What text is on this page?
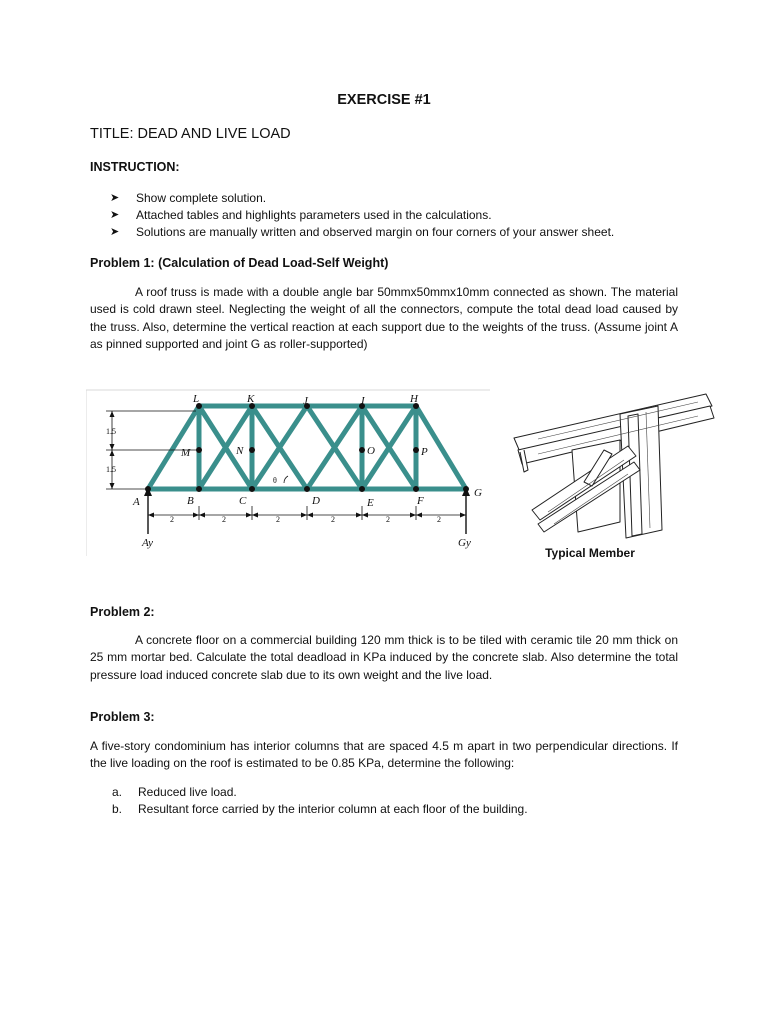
EXERCISE #1
TITLE: DEAD AND LIVE LOAD
INSTRUCTION:
➤ Show complete solution.
➤ Attached tables and highlights parameters used in the calculations.
➤ Solutions are manually written and observed margin on four corners of your answer sheet.
Problem 1: (Calculation of Dead Load-Self Weight)

A roof truss is made with a double angle bar 50mmx50mmx10mm connected as shown. The material used is cold drawn steel. Neglecting the weight of all the connectors, compute the total dead load caused by the truss. Also, determine the vertical reaction at each support due to the weights of the truss. (Assume joint A as pinned supported and joint G as roller-supported)

A	B	C	D	E	F
G
H
I
J
K
L
M	N	O	P
θ
1.5
1.5
2	2	2	2	2	2
Ay	Gy
Typical Member
Problem 2:

A concrete floor on a commercial building 120 mm thick is to be tiled with ceramic tile 20 mm thick on 25 mm mortar bed. Calculate the total deadload in KPa induced by the concrete slab. Also determine the total pressure load induced concrete slab due to its own weight and the live load.

Problem 3:

A five-story condominium has interior columns that are spaced 4.5 m apart in two perpendicular directions. If the live loading on the roof is estimated to be 0.85 KPa, determine the following:

a. Reduced live load.
b. Resultant force carried by the interior column at each floor of the building.
